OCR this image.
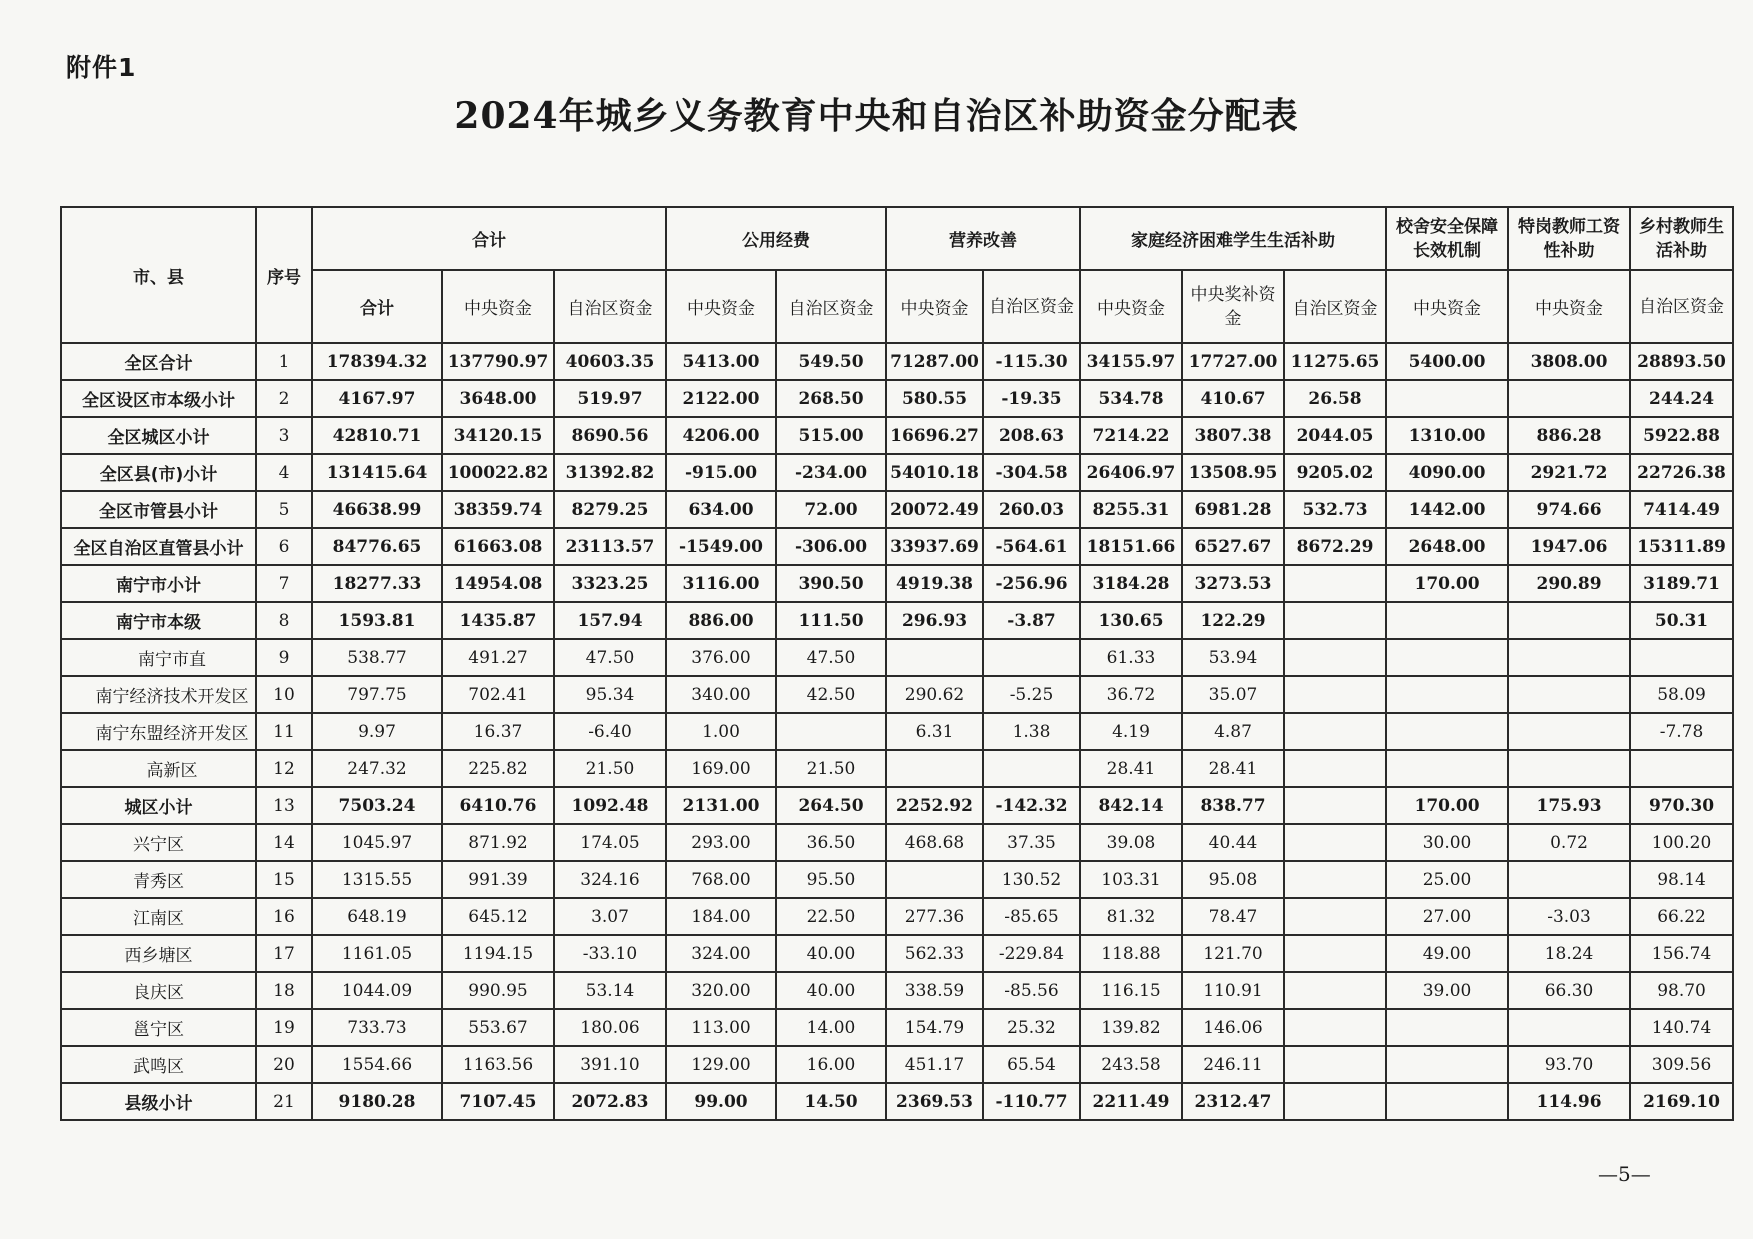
附件1
2024年城乡义务教育中央和自治区补助资金分配表
市、县	序号	合计			公用经费		营养改善		家庭经济困难学生生活补助			校舍安全保障长效机制	特岗教师工资性补助	乡村教师生活补助
		合计	中央资金	自治区资金	中央资金	自治区资金	中央资金	自治区资金	中央资金	中央奖补资金	自治区资金	中央资金	中央资金	自治区资金
全区合计	1	178394.32	137790.97	40603.35	5413.00	549.50	71287.00	-115.30	34155.97	17727.00	11275.65	5400.00	3808.00	28893.50
全区设区市本级小计	2	4167.97	3648.00	519.97	2122.00	268.50	580.55	-19.35	534.78	410.67	26.58			244.24
全区城区小计	3	42810.71	34120.15	8690.56	4206.00	515.00	16696.27	208.63	7214.22	3807.38	2044.05	1310.00	886.28	5922.88
全区县(市)小计	4	131415.64	100022.82	31392.82	-915.00	-234.00	54010.18	-304.58	26406.97	13508.95	9205.02	4090.00	2921.72	22726.38
全区市管县小计	5	46638.99	38359.74	8279.25	634.00	72.00	20072.49	260.03	8255.31	6981.28	532.73	1442.00	974.66	7414.49
全区自治区直管县小计	6	84776.65	61663.08	23113.57	-1549.00	-306.00	33937.69	-564.61	18151.66	6527.67	8672.29	2648.00	1947.06	15311.89
南宁市小计	7	18277.33	14954.08	3323.25	3116.00	390.50	4919.38	-256.96	3184.28	3273.53		170.00	290.89	3189.71
南宁市本级	8	1593.81	1435.87	157.94	886.00	111.50	296.93	-3.87	130.65	122.29				50.31
南宁市直	9	538.77	491.27	47.50	376.00	47.50			61.33	53.94				
南宁经济技术开发区	10	797.75	702.41	95.34	340.00	42.50	290.62	-5.25	36.72	35.07				58.09
南宁东盟经济开发区	11	9.97	16.37	-6.40	1.00		6.31	1.38	4.19	4.87				-7.78
高新区	12	247.32	225.82	21.50	169.00	21.50			28.41	28.41				
城区小计	13	7503.24	6410.76	1092.48	2131.00	264.50	2252.92	-142.32	842.14	838.77		170.00	175.93	970.30
兴宁区	14	1045.97	871.92	174.05	293.00	36.50	468.68	37.35	39.08	40.44		30.00	0.72	100.20
青秀区	15	1315.55	991.39	324.16	768.00	95.50		130.52	103.31	95.08		25.00		98.14
江南区	16	648.19	645.12	3.07	184.00	22.50	277.36	-85.65	81.32	78.47		27.00	-3.03	66.22
西乡塘区	17	1161.05	1194.15	-33.10	324.00	40.00	562.33	-229.84	118.88	121.70		49.00	18.24	156.74
良庆区	18	1044.09	990.95	53.14	320.00	40.00	338.59	-85.56	116.15	110.91		39.00	66.30	98.70
邕宁区	19	733.73	553.67	180.06	113.00	14.00	154.79	25.32	139.82	146.06				140.74
武鸣区	20	1554.66	1163.56	391.10	129.00	16.00	451.17	65.54	243.58	246.11			93.70	309.56
县级小计	21	9180.28	7107.45	2072.83	99.00	14.50	2369.53	-110.77	2211.49	2312.47			114.96	2169.10
—5—
